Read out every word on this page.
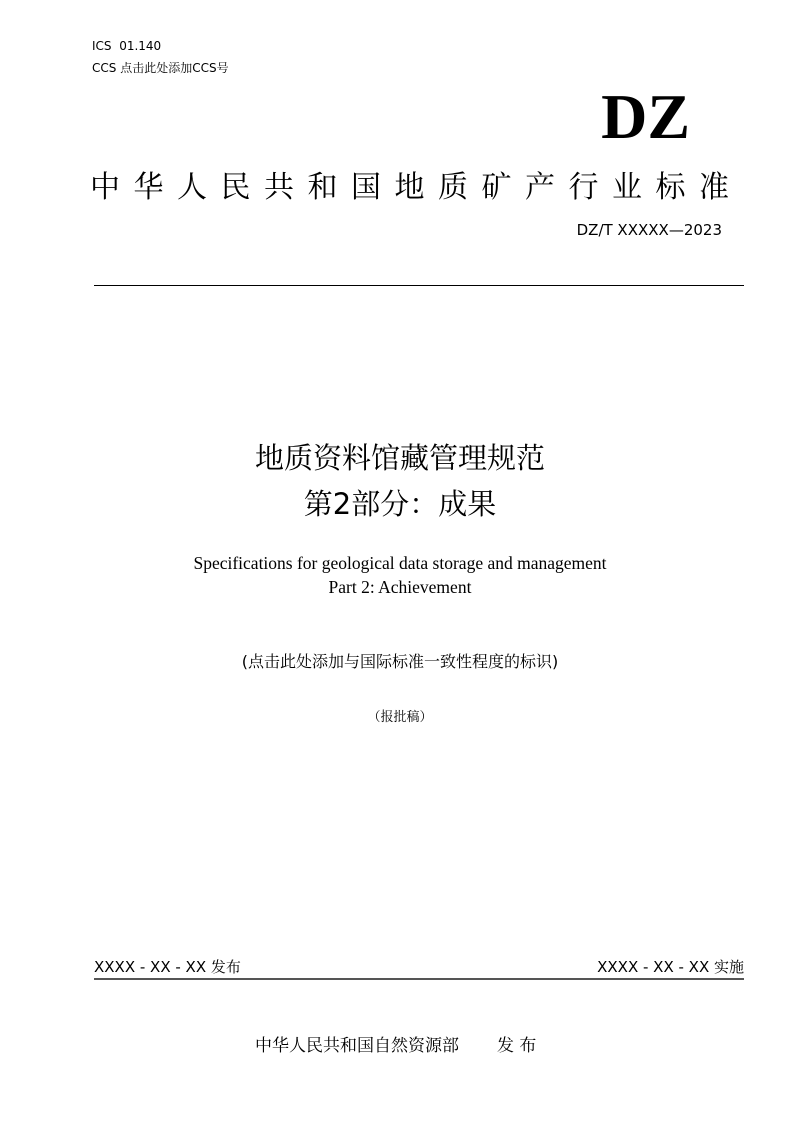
ICS 01.140
CCS 点击此处添加CCS号
DZ
中华人民共和国地质矿产行业标准
DZ/T XXXXX—2023
地质资料馆藏管理规范
第2部分：成果
Specifications for geological data storage and management
Part 2: Achievement
(点击此处添加与国际标准一致性程度的标识)
（报批稿）
XXXX - XX - XX 发布	XXXX - XX - XX 实施
中华人民共和国自然资源部 发 布
